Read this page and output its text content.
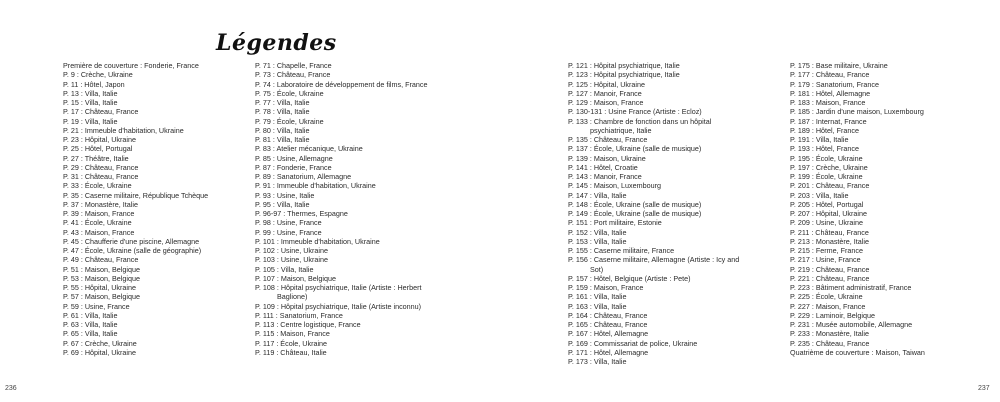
Légendes
Première de couverture : Fonderie, France
P. 9 : Crèche, Ukraine
P. 11 : Hôtel, Japon
P. 13 : Villa, Italie
P. 15 : Villa, Italie
P. 17 : Château, France
P. 19 : Villa, Italie
P. 21 : Immeuble d'habitation, Ukraine
P. 23 : Hôpital, Ukraine
P. 25 : Hôtel, Portugal
P. 27 : Théâtre, Italie
P. 29 : Château, France
P. 31 : Château, France
P. 33 : École, Ukraine
P. 35 : Caserne militaire, République Tchèque
P. 37 : Monastère, Italie
P. 39 : Maison, France
P. 41 : École, Ukraine
P. 43 : Maison, France
P. 45 : Chaufferie d'une piscine, Allemagne
P. 47 : École, Ukraine (salle de géographie)
P. 49 : Château, France
P. 51 : Maison, Belgique
P. 53 : Maison, Belgique
P. 55 : Hôpital, Ukraine
P. 57 : Maison, Belgique
P. 59 : Usine, France
P. 61 : Villa, Italie
P. 63 : Villa, Italie
P. 65 : Villa, Italie
P. 67 : Crèche, Ukraine
P. 69 : Hôpital, Ukraine
P. 71 : Chapelle, France
P. 73 : Château, France
P. 74 : Laboratoire de développement de films, France
P. 75 : École, Ukraine
P. 77 : Villa, Italie
P. 78 : Villa, Italie
P. 79 : École, Ukraine
P. 80 : Villa, Italie
P. 81 : Villa, Italie
P. 83 : Atelier mécanique, Ukraine
P. 85 : Usine, Allemagne
P. 87 : Fonderie, France
P. 89 : Sanatorium, Allemagne
P. 91 : Immeuble d'habitation, Ukraine
P. 93 : Usine, Italie
P. 95 : Villa, Italie
P. 96-97 : Thermes, Espagne
P. 98 : Usine, France
P. 99 : Usine, France
P. 101 : Immeuble d'habitation, Ukraine
P. 102 : Usine, Ukraine
P. 103 : Usine, Ukraine
P. 105 : Villa, Italie
P. 107 : Maison, Belgique
P. 108 : Hôpital psychiatrique, Italie (Artiste : Herbert Baglione)
P. 109 : Hôpital psychiatrique, Italie (Artiste inconnu)
P. 111 : Sanatorium, France
P. 113 : Centre logistique, France
P. 115 : Maison, France
P. 117 : École, Ukraine
P. 119 : Château, Italie
P. 121 : Hôpital psychiatrique, Italie
P. 123 : Hôpital psychiatrique, Italie
P. 125 : Hôpital, Ukraine
P. 127 : Manoir, France
P. 129 : Maison, France
P. 130-131 : Usine France (Artiste : Ecloz)
P. 133 : Chambre de fonction dans un hôpital psychiatrique, Italie
P. 135 : Château, France
P. 137 : École, Ukraine (salle de musique)
P. 139 : Maison, Ukraine
P. 141 : Hôtel, Croatie
P. 143 : Manoir, France
P. 145 : Maison, Luxembourg
P. 147 : Villa, Italie
P. 148 : École, Ukraine (salle de musique)
P. 149 : École, Ukraine (salle de musique)
P. 151 : Port militaire, Estonie
P. 152 : Villa, Italie
P. 153 : Villa, Italie
P. 155 : Caserne militaire, France
P. 156 : Caserne militaire, Allemagne (Artiste : Icy and Sot)
P. 157 : Hôtel, Belgique (Artiste : Pete)
P. 159 : Maison, France
P. 161 : Villa, Italie
P. 163 : Villa, Italie
P. 164 : Château, France
P. 165 : Château, France
P. 167 : Hôtel, Allemagne
P. 169 : Commissariat de police, Ukraine
P. 171 : Hôtel, Allemagne
P. 173 : Villa, Italie
P. 175 : Base militaire, Ukraine
P. 177 : Château, France
P. 179 : Sanatorium, France
P. 181 : Hôtel, Allemagne
P. 183 : Maison, France
P. 185 : Jardin d'une maison, Luxembourg
P. 187 : Internat, France
P. 189 : Hôtel, France
P. 191 : Villa, Italie
P. 193 : Hôtel, France
P. 195 : École, Ukraine
P. 197 : Crèche, Ukraine
P. 199 : École, Ukraine
P. 201 : Château, France
P. 203 : Villa, Italie
P. 205 : Hôtel, Portugal
P. 207 : Hôpital, Ukraine
P. 209 : Usine, Ukraine
P. 211 : Château, France
P. 213 : Monastère, Italie
P. 215 : Ferme, France
P. 217 : Usine, France
P. 219 : Château, France
P. 221 : Château, France
P. 223 : Bâtiment administratif, France
P. 225 : École, Ukraine
P. 227 : Maison, France
P. 229 : Laminoir, Belgique
P. 231 : Musée automobile, Allemagne
P. 233 : Monastère, Italie
P. 235 : Château, France
Quatrième de couverture : Maison, Taiwan
236	237
